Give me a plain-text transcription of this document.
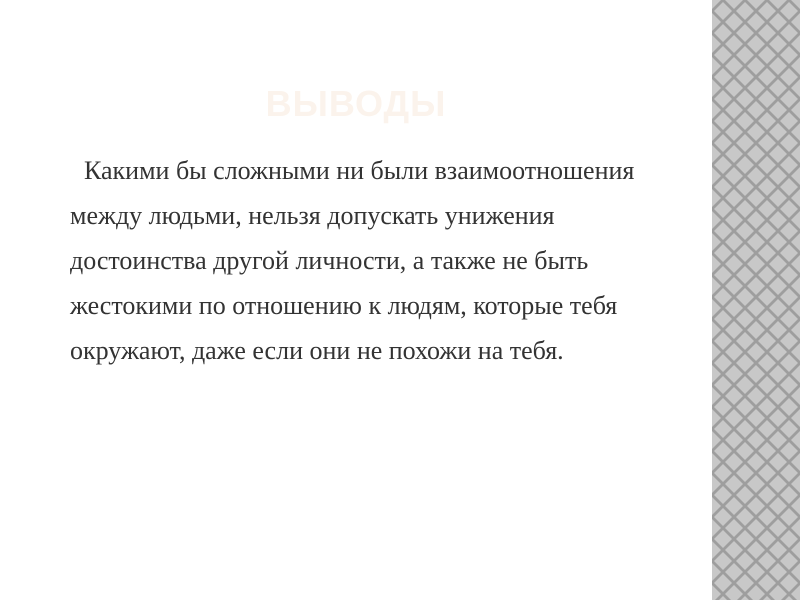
ВЫВОДЫ

Какими бы сложными ни были взаимоотношения между людьми, нельзя допускать унижения достоинства другой личности, а также не быть жестокими по отношению к людям, которые тебя окружают, даже если они не похожи на тебя.
